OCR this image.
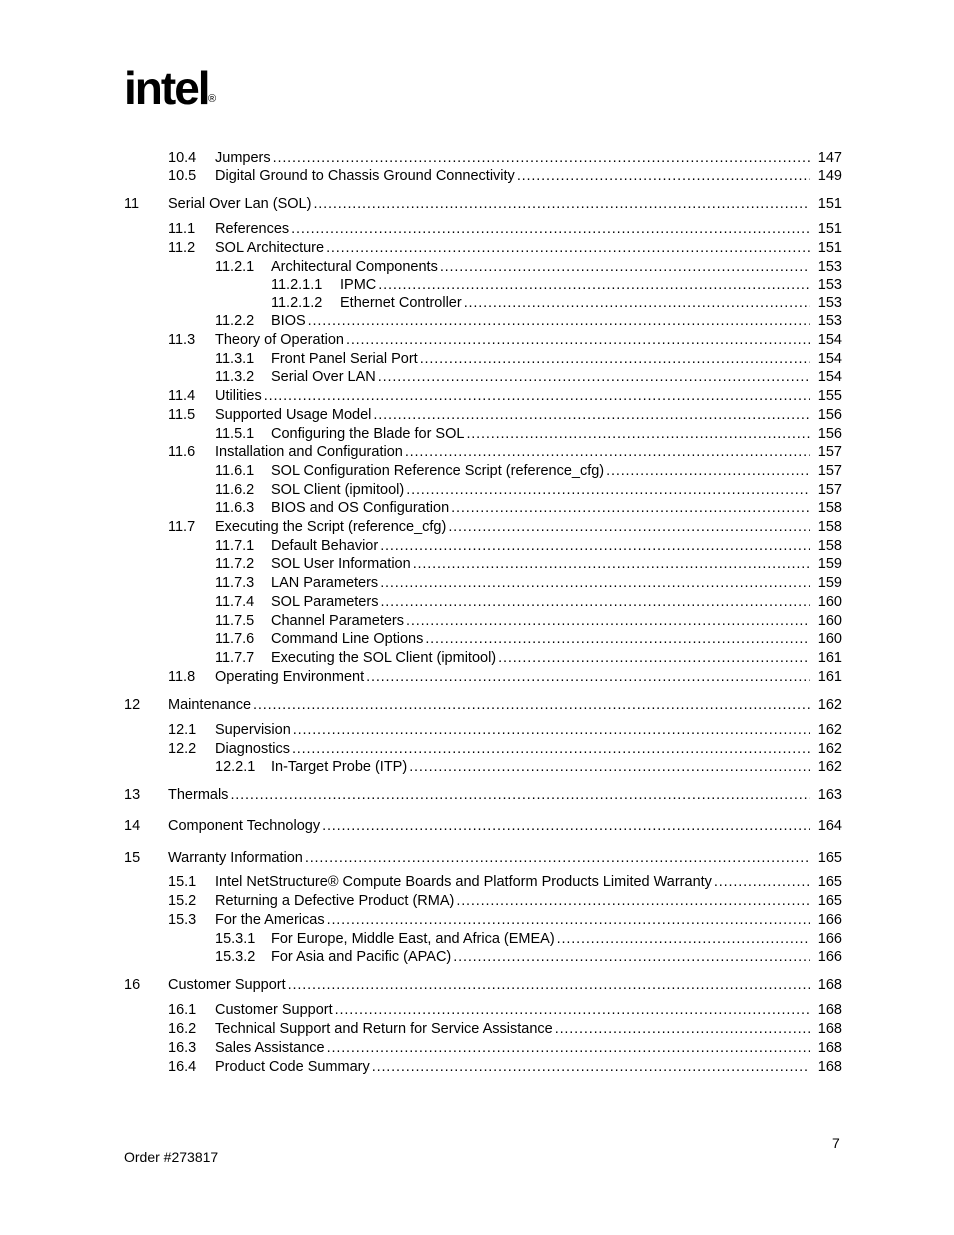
intel ®
10.4 Jumpers . . .	147
10.5 Digital Ground to Chassis Ground Connectivity . . .	149
11 Serial Over Lan (SOL) . . .	151
11.1 References . . .	151
11.2 SOL Architecture . . .	151
11.2.1 Architectural Components . . .	153
11.2.1.1 IPMC . . .	153
11.2.1.2 Ethernet Controller . . .	153
11.2.2 BIOS . . .	153
11.3 Theory of Operation . . .	154
11.3.1 Front Panel Serial Port . . .	154
11.3.2 Serial Over LAN . . .	154
11.4 Utilities . . .	155
11.5 Supported Usage Model . . .	156
11.5.1 Configuring the Blade for SOL . . .	156
11.6 Installation and Configuration . . .	157
11.6.1 SOL Configuration Reference Script (reference_cfg) . . .	157
11.6.2 SOL Client (ipmitool) . . .	157
11.6.3 BIOS and OS Configuration . . .	158
11.7 Executing the Script (reference_cfg) . . .	158
11.7.1 Default Behavior . . .	158
11.7.2 SOL User Information . . .	159
11.7.3 LAN Parameters . . .	159
11.7.4 SOL Parameters . . .	160
11.7.5 Channel Parameters . . .	160
11.7.6 Command Line Options . . .	160
11.7.7 Executing the SOL Client (ipmitool) . . .	161
11.8 Operating Environment . . .	161
12 Maintenance . . .	162
12.1 Supervision . . .	162
12.2 Diagnostics . . .	162
12.2.1 In-Target Probe (ITP) . . .	162
13 Thermals . . .	163
14 Component Technology . . .	164
15 Warranty Information . . .	165
15.1 Intel NetStructure® Compute Boards and Platform Products Limited Warranty . . .	165
15.2 Returning a Defective Product (RMA) . . .	165
15.3 For the Americas . . .	166
15.3.1 For Europe, Middle East, and Africa (EMEA) . . .	166
15.3.2 For Asia and Pacific (APAC) . . .	166
16 Customer Support . . .	168
16.1 Customer Support . . .	168
16.2 Technical Support and Return for Service Assistance . . .	168
16.3 Sales Assistance . . .	168
16.4 Product Code Summary . . .	168
7
Order #273817
